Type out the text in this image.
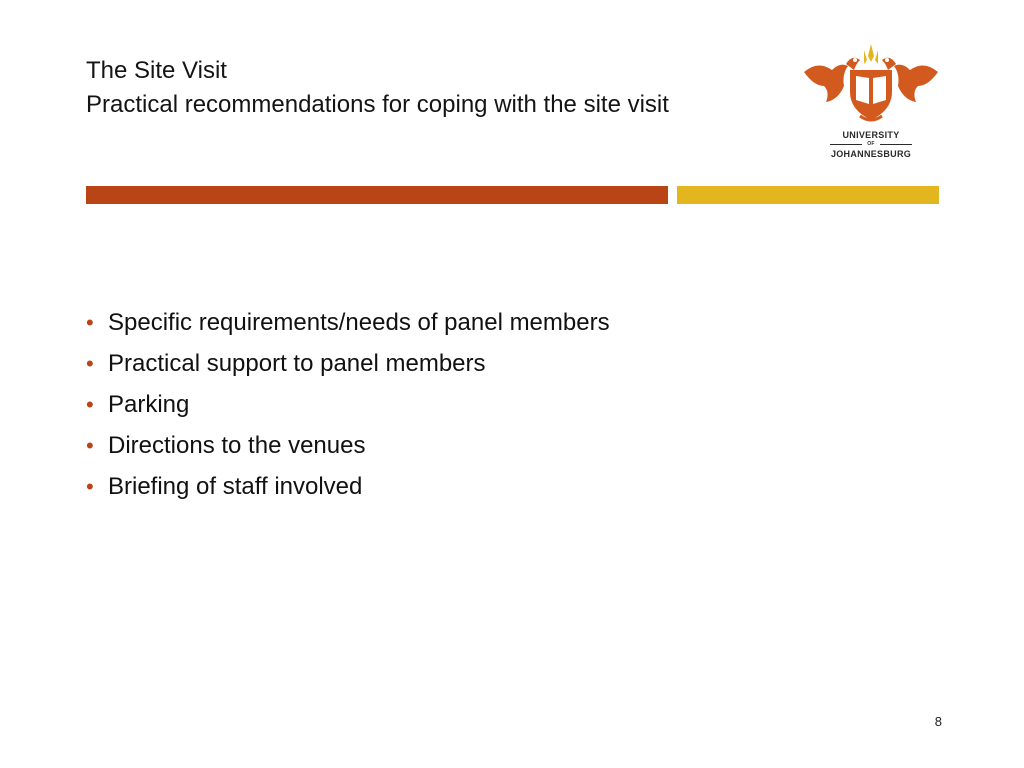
The Site Visit
Practical recommendations for coping with the site visit
UNIVERSITY
OF
JOHANNESBURG
• Specific requirements/needs of panel members
• Practical support to panel members
• Parking
• Directions to the venues
• Briefing of staff involved
8
